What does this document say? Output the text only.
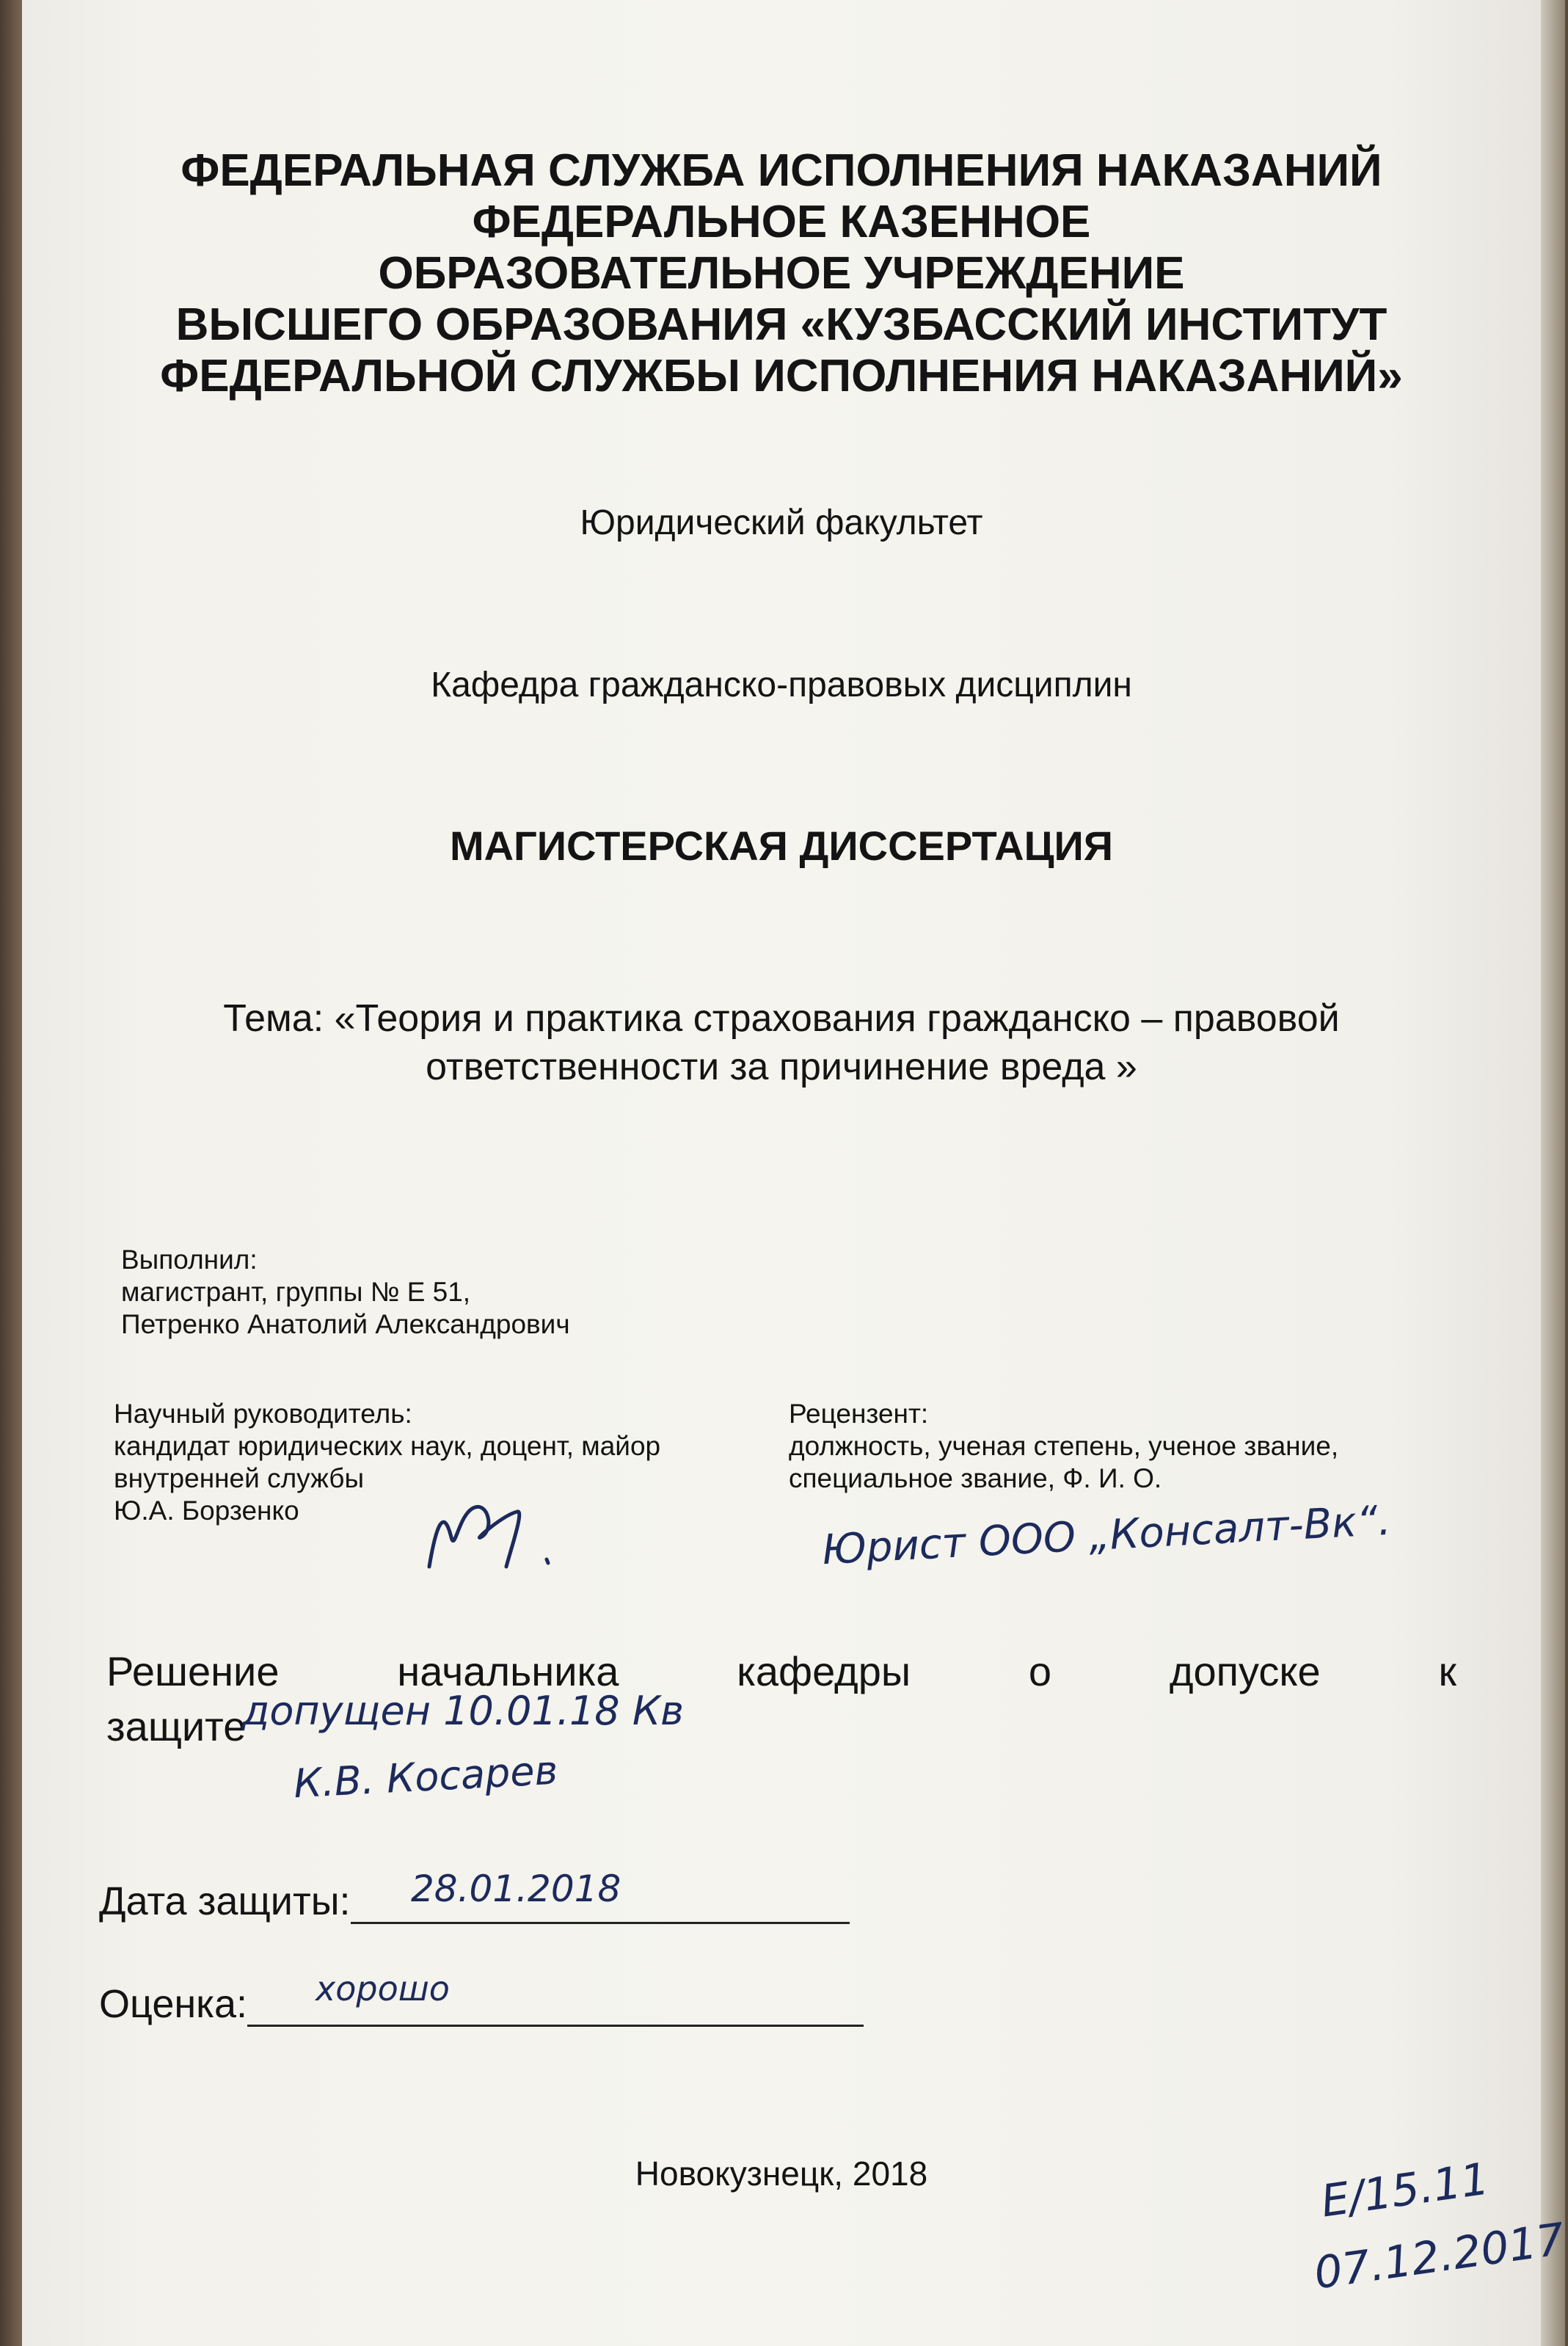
ФЕДЕРАЛЬНАЯ СЛУЖБА ИСПОЛНЕНИЯ НАКАЗАНИЙ
ФЕДЕРАЛЬНОЕ КАЗЕННОЕ
ОБРАЗОВАТЕЛЬНОЕ УЧРЕЖДЕНИЕ
ВЫСШЕГО ОБРАЗОВАНИЯ «КУЗБАССКИЙ ИНСТИТУТ
ФЕДЕРАЛЬНОЙ СЛУЖБЫ ИСПОЛНЕНИЯ НАКАЗАНИЙ»
Юридический факультет
Кафедра гражданско-правовых дисциплин
МАГИСТЕРСКАЯ ДИССЕРТАЦИЯ
Тема: «Теория и практика страхования гражданско – правовой
ответственности за причинение вреда »
Выполнил:
магистрант, группы № Е 51,
Петренко Анатолий Александрович
Научный руководитель:
кандидат юридических наук, доцент, майор
внутренней службы
Ю.А. Борзенко
Рецензент:
должность, ученая степень, ученое звание,
специальное звание, Ф. И. О.
Юрист ООО „Консалт-Вк“.
Решение	начальника	кафедры	о	допуске	к
защите
допущен 10.01.18 Кв
К.В. Косарев
Дата защиты: 28.01.2018
Оценка: хорошо
Новокузнецк, 2018	Е/15.11
07.12.2017
